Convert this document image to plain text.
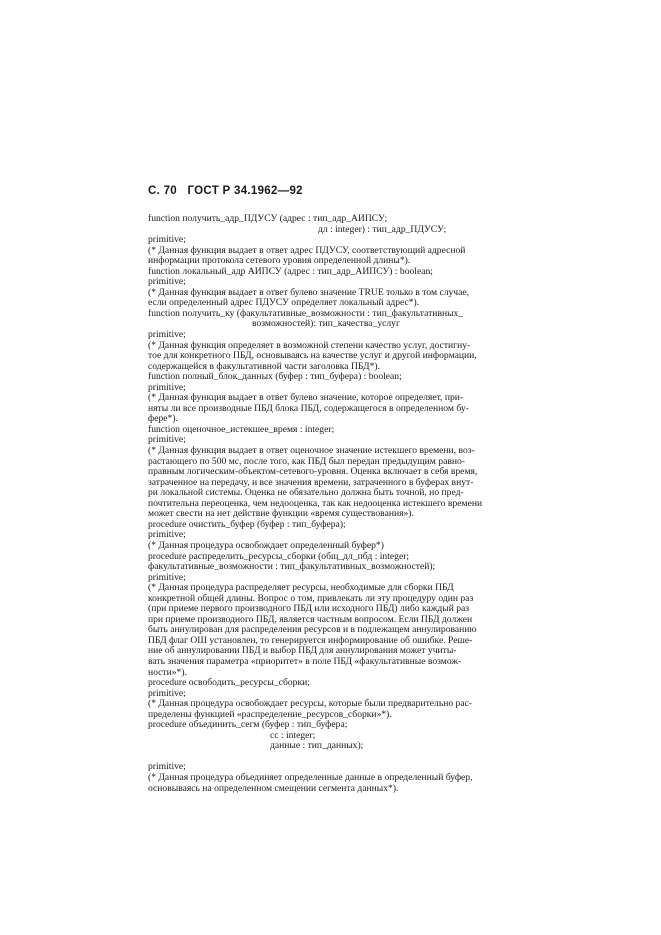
С. 70 ГОСТ Р 34.1962—92
function получить_адр_ПДУСУ (адрес : тип_адр_АИПСУ;
дл : integer) : тип_адр_ПДУСУ;
primitive;
(* Данная функция выдает в ответ адрес ПДУСУ, соответствующий адресной
информации протокола сетевого уровня определенной длины*).
function локальный_адр АИПСУ (адрес : тип_адр_АИПСУ) : boolean;
primitive;
(* Данная функция выдает в ответ булево значение TRUE только в том случае,
если определенный адрес ПДУСУ определяет локальный адрес*).
function получить_ку (факультативные_возможности : тип_факультативных_
возможностей): тип_качества_услуг
primitive;
(* Данная функция определяет в возможной степени качество услуг, достигну-
тое для конкретного ПБД, основываясь на качестве услуг и другой информации,
содержащейся в факультативной части заголовка ПБД*).
function полный_блок_данных (буфер : тип_буфера) : boolean;
primitive;
(* Данная функция выдает в ответ булево значение, которое определяет, при-
няты ли все производные ПБД блока ПБД, содержащегося в определенном бу-
фере*).
function оценочное_истекшее_время : integer;
primitive;
(* Данная функция выдает в ответ оценочное значение истекшего времени, воз-
растающего по 500 мс, после того, как ПБД был передан предыдущим равно-
правным логическим-объектом-сетевого-уровня. Оценка включает в себя время,
затраченное на передачу, и все значения времени, затраченного в буферах внут-
ри локальной системы. Оценка не обязательно должна быть точной, но пред-
почтительна переоценка, чем недооценка, так как недооценка истекшего времени
может свести на нет действие функции «время существования»).
procedure очистить_буфер (буфер : тип_буфера);
primitive;
(* Данная процедура освобождает определенный буфер*)
procedure распределить_ресурсы_сборки (общ_дл_пбд : integer;
факультативные_возможности : тип_факультативных_возможностей);
primitive;
(* Данная процедура распределяет ресурсы, необходимые для сборки ПБД
конкретной общей длины. Вопрос о том, привлекать ли эту процедуру один раз
(при приеме первого производного ПБД или исходного ПБД) либо каждый раз
при приеме производного ПБД, является частным вопросом. Если ПБД должен
быть аннулирован для распределения ресурсов и в подлежащем аннулированию
ПБД флаг ОШ установлен, то генерируется информирование об ошибке. Реше-
ние об аннулировании ПБД и выбор ПБД для аннулирования может учиты-
вать значения параметра «приоритет» в поле ПБД «факультативные возмож-
ности»*).
procedure освободить_ресурсы_сборки;
primitive;
(* Данная процедура освобождает ресурсы, которые были предварительно рас-
пределены функцией «распределение_ресурсов_сборки»*).
procedure объединить_сегм (буфер : тип_буфера;
сс : integer;
данные : тип_данных);
primitive;
(* Данная процедура объединяет определенные данные в определенный буфер,
основываясь на определенном смещении сегмента данных*).
